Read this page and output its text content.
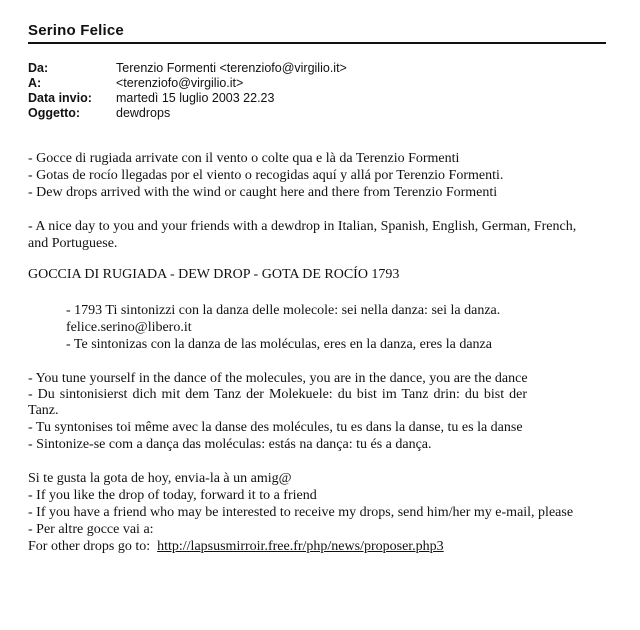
Serino Felice
Da:	Terenzio Formenti <terenziofo@virgilio.it>
A:	<terenziofo@virgilio.it>
Data invio: martedì 15 luglio 2003 22.23
Oggetto:	dewdrops
- Gocce di rugiada arrivate con il vento o colte qua e là da Terenzio Formenti
- Gotas de rocío llegadas por el viento o recogidas aquí y allá por Terenzio Formenti.
- Dew drops arrived with the wind or caught here and there from Terenzio Formenti
- A nice day to you and your friends with a dewdrop in Italian, Spanish, English, German, French,
and Portuguese.
GOCCIA DI RUGIADA - DEW DROP - GOTA DE ROCÍO 1793
- 1793 Ti sintonizzi con la danza delle molecole: sei nella danza: sei la danza.
felice.serino@libero.it
- Te sintonizas con la danza de las moléculas, eres en la danza, eres la danza
- You tune yourself in the dance of the molecules, you are in the dance, you are the dance
- Du sintonisierst dich mit dem Tanz der Molekuele: du bist im Tanz drin: du bist der
Tanz.
- Tu syntonises toi même avec la danse des molécules, tu es dans la danse, tu es la danse
- Sintonize-se com a dança das moléculas: estás na dança: tu és a dança.
Si te gusta la gota de hoy, envia-la à un amig@
- If you like the drop of today, forward it to a friend
- If you have a friend who may be interested to receive my drops, send him/her my e-mail, please
- Per altre gocce vai a:
For other drops go to: http://lapsusmirroir.free.fr/php/news/proposer.php3
